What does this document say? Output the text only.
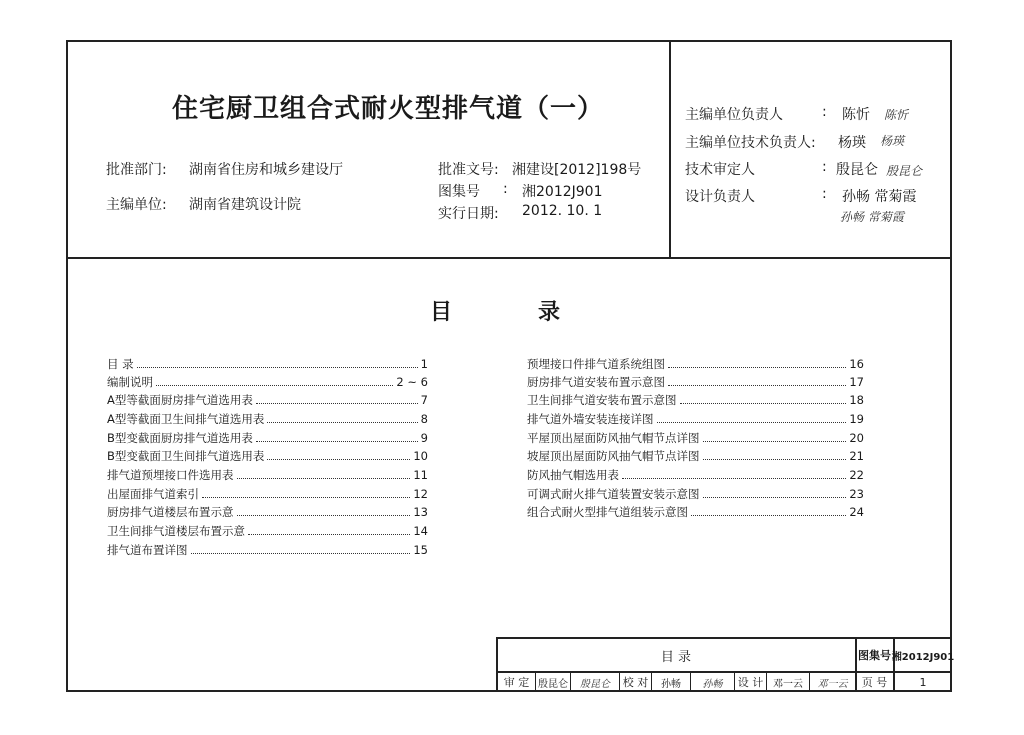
住宅厨卫组合式耐火型排气道（一）
批准部门: 湖南省住房和城乡建设厅
主编单位: 湖南省建筑设计院
批准文号: 湘建设[2012]198号
图集号 : 湘2012J901
实行日期: 2012. 10. 1
主编单位负责人	: 陈忻 陈忻
主编单位技术负责人: 杨瑛 杨瑛
技术审定人	: 殷昆仑 殷昆仑
设计负责人	: 孙畅 常菊霞
孙畅 常菊霞
目	录
目 录	1
编制说明	2 ~ 6
A型等截面厨房排气道选用表	7
A型等截面卫生间排气道选用表	8
B型变截面厨房排气道选用表	9
B型变截面卫生间排气道选用表	10
排气道预埋接口件选用表	11
出屋面排气道索引	12
厨房排气道楼层布置示意	13
卫生间排气道楼层布置示意	14
排气道布置详图	15
预埋接口件排气道系统组图	16
厨房排气道安装布置示意图	17
卫生间排气道安装布置示意图	18
排气道外墙安装连接详图	19
平屋顶出屋面防风抽气帽节点详图	20
坡屋顶出屋面防风抽气帽节点详图	21
防风抽气帽选用表	22
可调式耐火排气道装置安装示意图	23
组合式耐火型排气道组装示意图	24
目 录	图集号 湘2012J901
审 定 殷昆仑	殷昆仑	校 对	孙畅	孙畅	设 计 邓一云	邓一云	页 号	1
